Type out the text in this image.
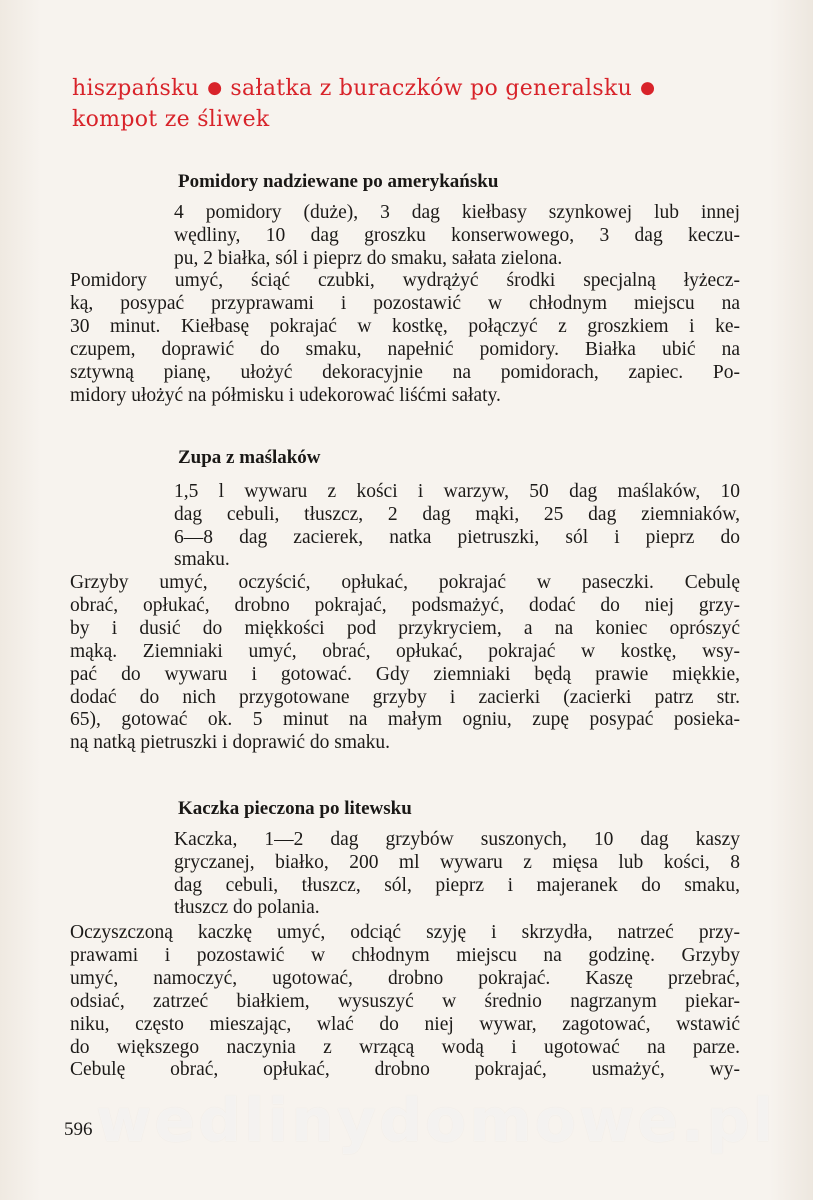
hiszpańsku ● sałatka z buraczków po generalsku ●
kompot ze śliwek
Pomidory nadziewane po amerykańsku
4 pomidory (duże), 3 dag kiełbasy szynkowej lub innej
wędliny, 10 dag groszku konserwowego, 3 dag keczu-
pu, 2 białka, sól i pieprz do smaku, sałata zielona.
Pomidory umyć, ściąć czubki, wydrążyć środki specjalną łyżecz-
ką, posypać przyprawami i pozostawić w chłodnym miejscu na
30 minut. Kiełbasę pokrajać w kostkę, połączyć z groszkiem i ke-
czupem, doprawić do smaku, napełnić pomidory. Białka ubić na
sztywną pianę, ułożyć dekoracyjnie na pomidorach, zapiec. Po-
midory ułożyć na półmisku i udekorować liśćmi sałaty.
Zupa z maślaków
1,5 l wywaru z kości i warzyw, 50 dag maślaków, 10
dag cebuli, tłuszcz, 2 dag mąki, 25 dag ziemniaków,
6—8 dag zacierek, natka pietruszki, sól i pieprz do
smaku.
Grzyby umyć, oczyścić, opłukać, pokrajać w paseczki. Cebulę
obrać, opłukać, drobno pokrajać, podsmażyć, dodać do niej grzy-
by i dusić do miękkości pod przykryciem, a na koniec oprószyć
mąką. Ziemniaki umyć, obrać, opłukać, pokrajać w kostkę, wsy-
pać do wywaru i gotować. Gdy ziemniaki będą prawie miękkie,
dodać do nich przygotowane grzyby i zacierki (zacierki patrz str.
65), gotować ok. 5 minut na małym ogniu, zupę posypać posieka-
ną natką pietruszki i doprawić do smaku.
Kaczka pieczona po litewsku
Kaczka, 1—2 dag grzybów suszonych, 10 dag kaszy
gryczanej, białko, 200 ml wywaru z mięsa lub kości, 8
dag cebuli, tłuszcz, sól, pieprz i majeranek do smaku,
tłuszcz do polania.
Oczyszczoną kaczkę umyć, odciąć szyję i skrzydła, natrzeć przy-
prawami i pozostawić w chłodnym miejscu na godzinę. Grzyby
umyć, namoczyć, ugotować, drobno pokrajać. Kaszę przebrać,
odsiać, zatrzeć białkiem, wysuszyć w średnio nagrzanym piekar-
niku, często mieszając, wlać do niej wywar, zagotować, wstawić
do większego naczynia z wrzącą wodą i ugotować na parze.
Cebulę obrać, opłukać, drobno pokrajać, usmażyć, wy-
wedlinydomowe.pl
596
